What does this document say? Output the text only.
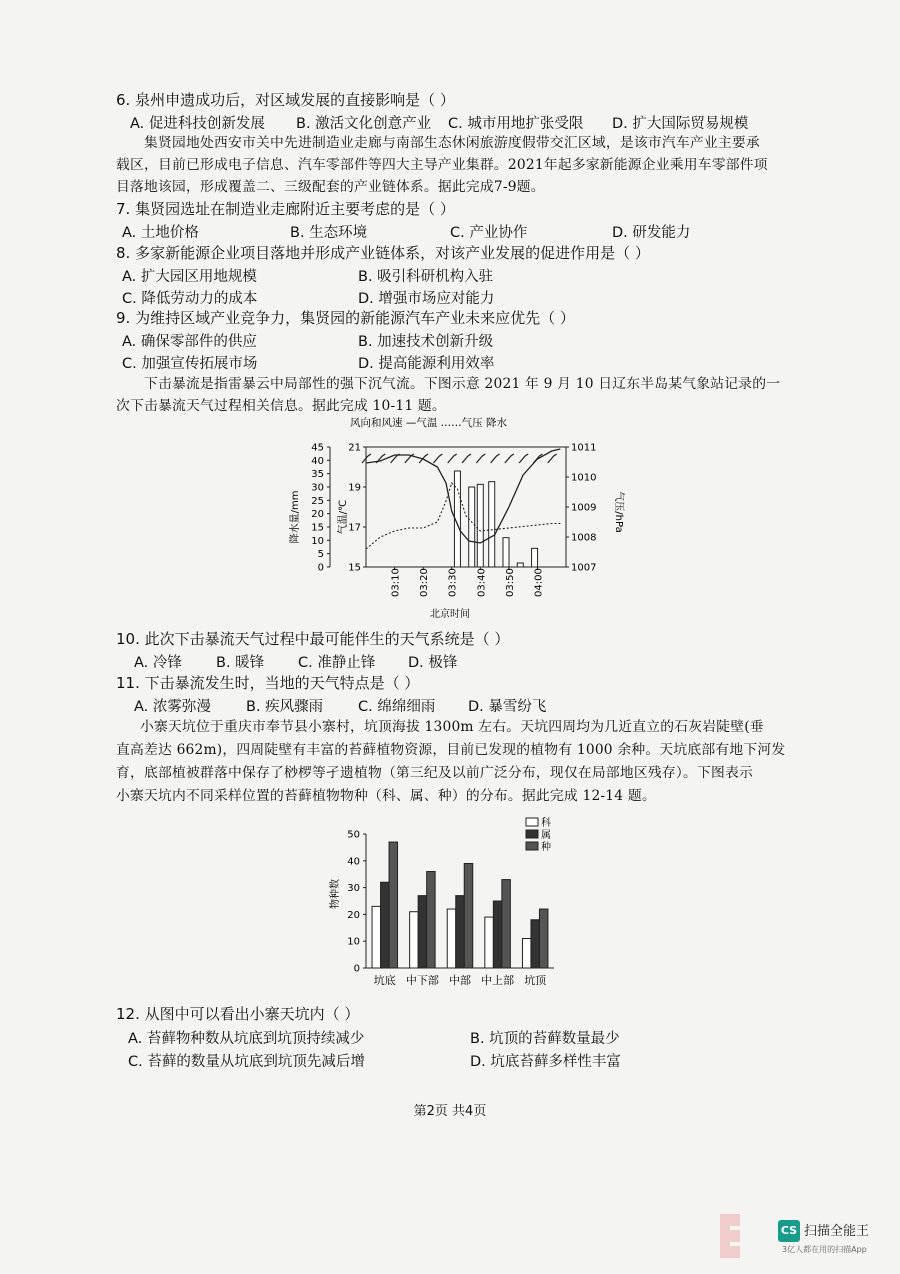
6. 泉州申遗成功后，对区域发展的直接影响是（ ）
A. 促进科技创新发展 B. 激活文化创意产业 C. 城市用地扩张受限 D. 扩大国际贸易规模
集贤园地处西安市关中先进制造业走廊与南部生态休闲旅游度假带交汇区域，是该市汽车产业主要承
载区，目前已形成电子信息、汽车零部件等四大主导产业集群。2021年起多家新能源企业乘用车零部件项
目落地该园，形成覆盖二、三级配套的产业链体系。据此完成7-9题。
7. 集贤园选址在制造业走廊附近主要考虑的是（ ）
A. 土地价格	B. 生态环境	C. 产业协作	D. 研发能力
8. 多家新能源企业项目落地并形成产业链体系，对该产业发展的促进作用是（ ）
A. 扩大园区用地规模	B. 吸引科研机构入驻
C. 降低劳动力的成本	D. 增强市场应对能力
9. 为维持区域产业竞争力，集贤园的新能源汽车产业未来应优先（ ）
A. 确保零部件的供应	B. 加速技术创新升级
C. 加强宣传拓展市场	D. 提高能源利用效率
下击暴流是指雷暴云中局部性的强下沉气流。下图示意 2021 年 9 月 10 日辽东半岛某气象站记录的一
次下击暴流天气过程相关信息。据此完成 10-11 题。
风向和风速 —气温 ……气压 降水
0
5
10
15
20
25
30
35
40
45
15
17
19
21
1007
1008
1009
1010
1011
03:10 03:20 03:30 03:40 03:50 04:00
降水量/mm	气温/℃	气压/hPa
北京时间
10. 此次下击暴流天气过程中最可能伴生的天气系统是（ ）
A. 冷锋 B. 暖锋 C. 准静止锋 D. 极锋
11. 下击暴流发生时，当地的天气特点是（ ）
A. 浓雾弥漫 B. 疾风骤雨 C. 绵绵细雨 D. 暴雪纷飞
小寨天坑位于重庆市奉节县小寨村，坑顶海拔 1300m 左右。天坑四周均为几近直立的石灰岩陡壁(垂
直高差达 662m)，四周陡壁有丰富的苔藓植物资源，目前已发现的植物有 1000 余种。天坑底部有地下河发
育，底部植被群落中保存了桫椤等孑遗植物（第三纪及以前广泛分布，现仅在局部地区残存）。下图表示
小寨天坑内不同采样位置的苔藓植物物种（科、属、种）的分布。据此完成 12-14 题。
0
10
20
30
40
50
坑底 中下部 中部 中上部 坑顶
科
属
种
物种数
12. 从图中可以看出小寨天坑内（ ）
A. 苔藓物种数从坑底到坑顶持续减少	B. 坑顶的苔藓数量最少
C. 苔藓的数量从坑底到坑顶先减后增	D. 坑底苔藓多样性丰富
第2页 共4页
CS 扫描全能王
3亿人都在用的扫描App
